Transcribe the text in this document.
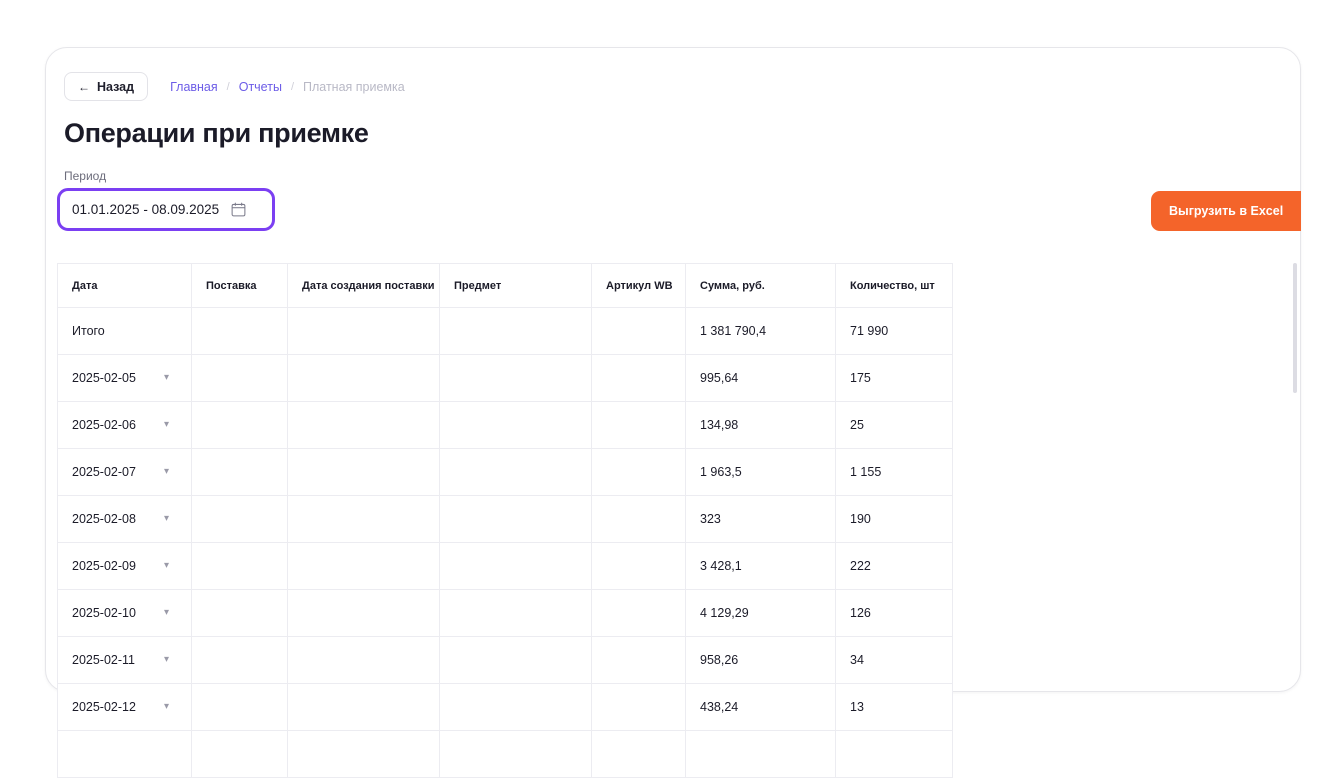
← Назад	Главная / Отчеты / Платная приемка
Операции при приемке
Период
01.01.2025 - 08.09.2025	Выгрузить в Excel
Дата	Поставка	Дата создания поставки	Предмет	Артикул WB	Сумма, руб.	Количество, шт
Итого					1 381 790,4	71 990

2025-02-05 ▾					995,64	175

2025-02-06 ▾					134,98	25

2025-02-07 ▾					1 963,5	1 155

2025-02-08 ▾					323	190

2025-02-09 ▾					3 428,1	222

2025-02-10 ▾					4 129,29	126

2025-02-11 ▾					958,26	34

2025-02-12 ▾					438,24	13
